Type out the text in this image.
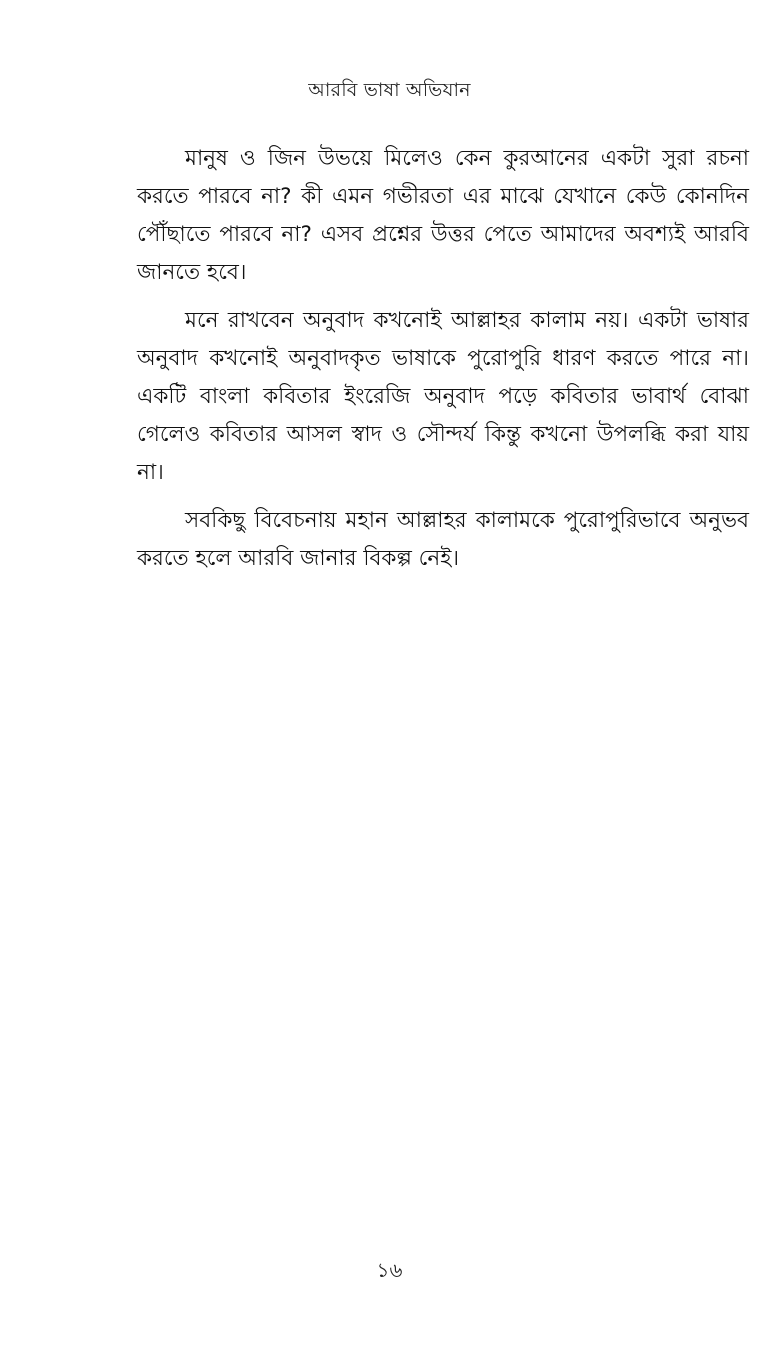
আরবি ভাষা অভিযান

মানুষ ও জিন উভয়ে মিলেও কেন কুরআনের একটা সুরা রচনা করতে পারবে না? কী এমন গভীরতা এর মাঝে যেখানে কেউ কোনদিন পৌঁছাতে পারবে না? এসব প্রশ্নের উত্তর পেতে আমাদের অবশ্যই আরবি জানতে হবে।

মনে রাখবেন অনুবাদ কখনোই আল্লাহর কালাম নয়। একটা ভাষার অনুবাদ কখনোই অনুবাদকৃত ভাষাকে পুরোপুরি ধারণ করতে পারে না। একটি বাংলা কবিতার ইংরেজি অনুবাদ পড়ে কবিতার ভাবার্থ বোঝা গেলেও কবিতার আসল স্বাদ ও সৌন্দর্য কিন্তু কখনো উপলব্ধি করা যায় না।

সবকিছু বিবেচনায় মহান আল্লাহর কালামকে পুরোপুরিভাবে অনুভব করতে হলে আরবি জানার বিকল্প নেই।

১৬
